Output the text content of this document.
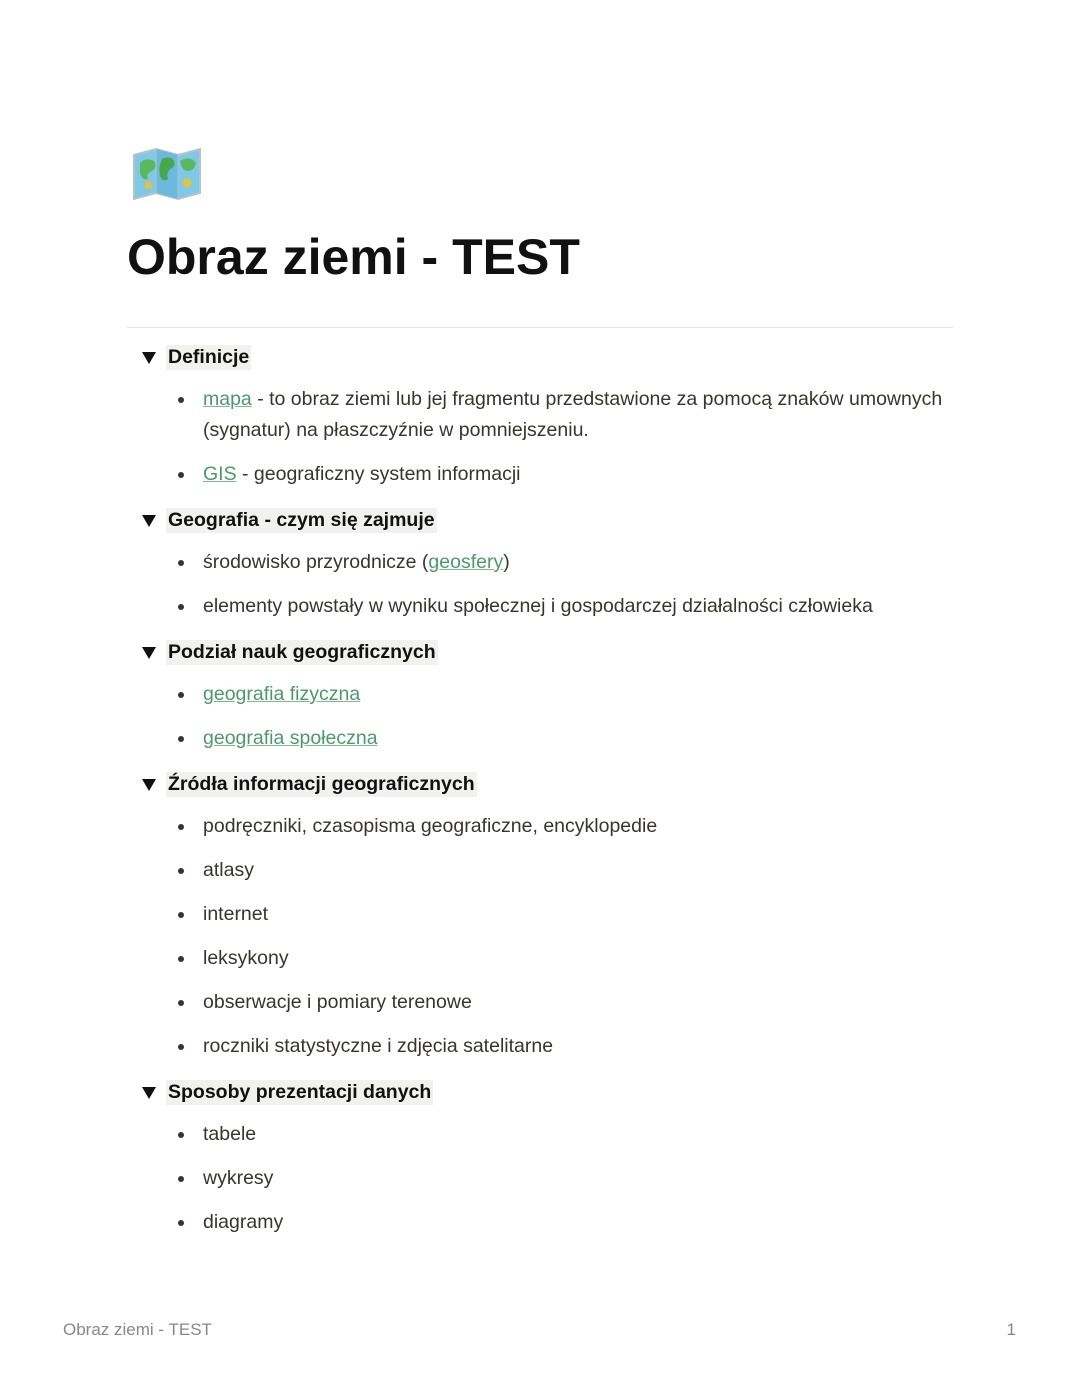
Obraz ziemi - TEST
Definicje
mapa - to obraz ziemi lub jej fragmentu przedstawione za pomocą znaków umownych (sygnatur) na płaszczyźnie w pomniejszeniu.
GIS - geograficzny system informacji
Geografia - czym się zajmuje
środowisko przyrodnicze (geosfery)
elementy powstały w wyniku społecznej i gospodarczej działalności człowieka
Podział nauk geograficznych
geografia fizyczna
geografia społeczna
Źródła informacji geograficznych
podręczniki, czasopisma geograficzne, encyklopedie
atlasy
internet
leksykony
obserwacje i pomiary terenowe
roczniki statystyczne i zdjęcia satelitarne
Sposoby prezentacji danych
tabele
wykresy
diagramy
Obraz ziemi - TEST	1
